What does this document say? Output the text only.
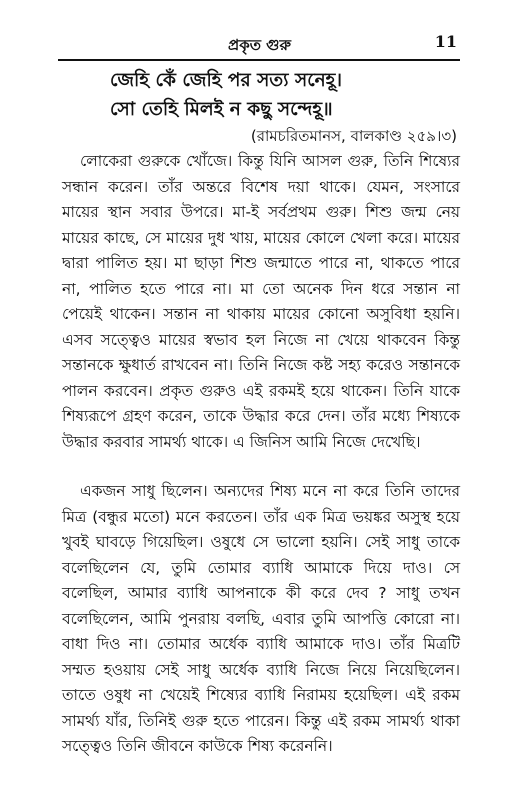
প্রকৃত গুরু	11
জেহি কেঁ জেহি পর সত্য সনেহূ।
সো তেহি মিলই ন কছু সন্দেহূ॥
(রামচরিতমানস, বালকাণ্ড ২৫৯।৩)

লোকেরা গুরুকে খোঁজে। কিন্তু যিনি আসল গুরু, তিনি শিষ্যের সন্ধান করেন। তাঁর অন্তরে বিশেষ দয়া থাকে। যেমন, সংসারে মায়ের স্থান সবার উপরে। মা-ই সর্বপ্রথম গুরু। শিশু জন্ম নেয় মায়ের কাছে, সে মায়ের দুধ খায়, মায়ের কোলে খেলা করে। মায়ের দ্বারা পালিত হয়। মা ছাড়া শিশু জন্মাতে পারে না, থাকতে পারে না, পালিত হতে পারে না। মা তো অনেক দিন ধরে সন্তান না পেয়েই থাকেন। সন্তান না থাকায় মায়ের কোনো অসুবিধা হয়নি। এসব সত্ত্বেও মায়ের স্বভাব হল নিজে না খেয়ে থাকবেন কিন্তু সন্তানকে ক্ষুধার্ত রাখবেন না। তিনি নিজে কষ্ট সহ্য করেও সন্তানকে পালন করবেন। প্রকৃত গুরুও এই রকমই হয়ে থাকেন। তিনি যাকে শিষ্যরূপে গ্রহণ করেন, তাকে উদ্ধার করে দেন। তাঁর মধ্যে শিষ্যকে উদ্ধার করবার সামর্থ্য থাকে। এ জিনিস আমি নিজে দেখেছি।

একজন সাধু ছিলেন। অন্যদের শিষ্য মনে না করে তিনি তাদের মিত্র (বন্ধুর মতো) মনে করতেন। তাঁর এক মিত্র ভয়ঙ্কর অসুস্থ হয়ে খুবই ঘাবড়ে গিয়েছিল। ওষুধে সে ভালো হয়নি। সেই সাধু তাকে বলেছিলেন যে, তুমি তোমার ব্যাধি আমাকে দিয়ে দাও। সে বলেছিল, আমার ব্যাধি আপনাকে কী করে দেব ? সাধু তখন বলেছিলেন, আমি পুনরায় বলছি, এবার তুমি আপত্তি কোরো না। বাধা দিও না। তোমার অর্ধেক ব্যাধি আমাকে দাও। তাঁর মিত্রটি সম্মত হওয়ায় সেই সাধু অর্ধেক ব্যাধি নিজে নিয়ে নিয়েছিলেন। তাতে ওষুধ না খেয়েই শিষ্যের ব্যাধি নিরাময় হয়েছিল। এই রকম সামর্থ্য যাঁর, তিনিই গুরু হতে পারেন। কিন্তু এই রকম সামর্থ্য থাকা সত্ত্বেও তিনি জীবনে কাউকে শিষ্য করেননি।
